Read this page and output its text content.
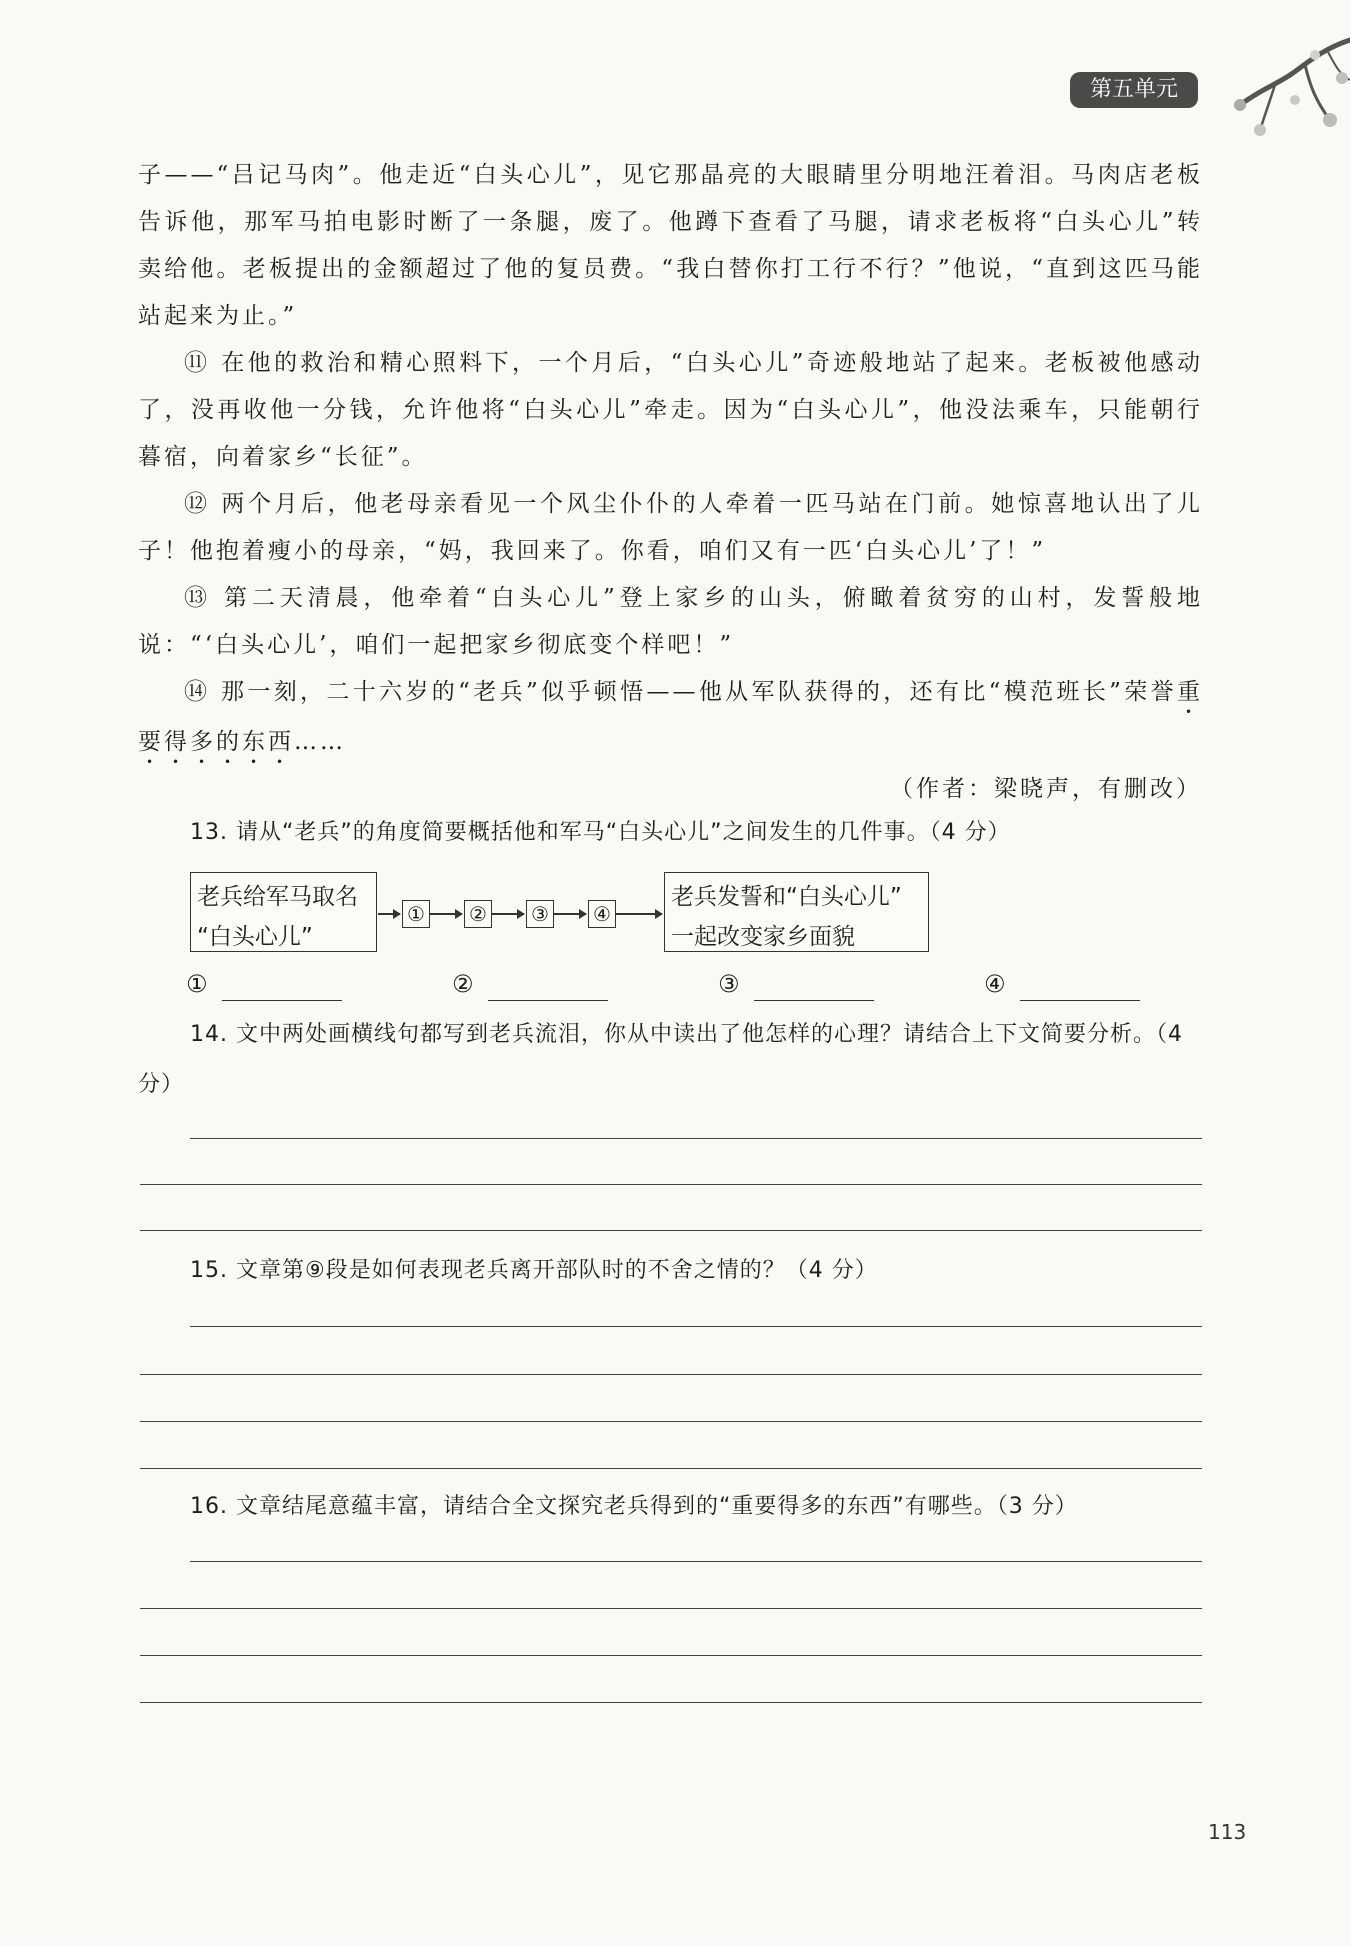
第五单元

子——“吕记马肉”。他走近“白头心儿”，见它那晶亮的大眼睛里分明地汪着泪。马肉店老板告诉他，那军马拍电影时断了一条腿，废了。他蹲下查看了马腿，请求老板将“白头心儿”转卖给他。老板提出的金额超过了他的复员费。“我白替你打工行不行？”他说，“直到这匹马能站起来为止。”

⑪ 在他的救治和精心照料下，一个月后，“白头心儿”奇迹般地站了起来。老板被他感动了，没再收他一分钱，允许他将“白头心儿”牵走。因为“白头心儿”，他没法乘车，只能朝行暮宿，向着家乡“长征”。

⑫ 两个月后，他老母亲看见一个风尘仆仆的人牵着一匹马站在门前。她惊喜地认出了儿子！他抱着瘦小的母亲，“妈，我回来了。你看，咱们又有一匹‘白头心儿’了！”

⑬ 第二天清晨，他牵着“白头心儿”登上家乡的山头，俯瞰着贫穷的山村，发誓般地说：“‘白头心儿’，咱们一起把家乡彻底变个样吧！”

⑭ 那一刻，二十六岁的“老兵”似乎顿悟——他从军队获得的，还有比“模范班长”荣誉重要得多的东西……

（作者：梁晓声，有删改）

13. 请从“老兵”的角度简要概括他和军马“白头心儿”之间发生的几件事。（4 分）

老兵给军马取名
“白头心儿”
① ② ③ ④
老兵发誓和“白头心儿”
一起改变家乡面貌
①	②	③	④

14. 文中两处画横线句都写到老兵流泪，你从中读出了他怎样的心理？请结合上下文简要分析。（4 分）

15. 文章第⑨段是如何表现老兵离开部队时的不舍之情的？（4 分）

16. 文章结尾意蕴丰富，请结合全文探究老兵得到的“重要得多的东西”有哪些。（3 分）

113
